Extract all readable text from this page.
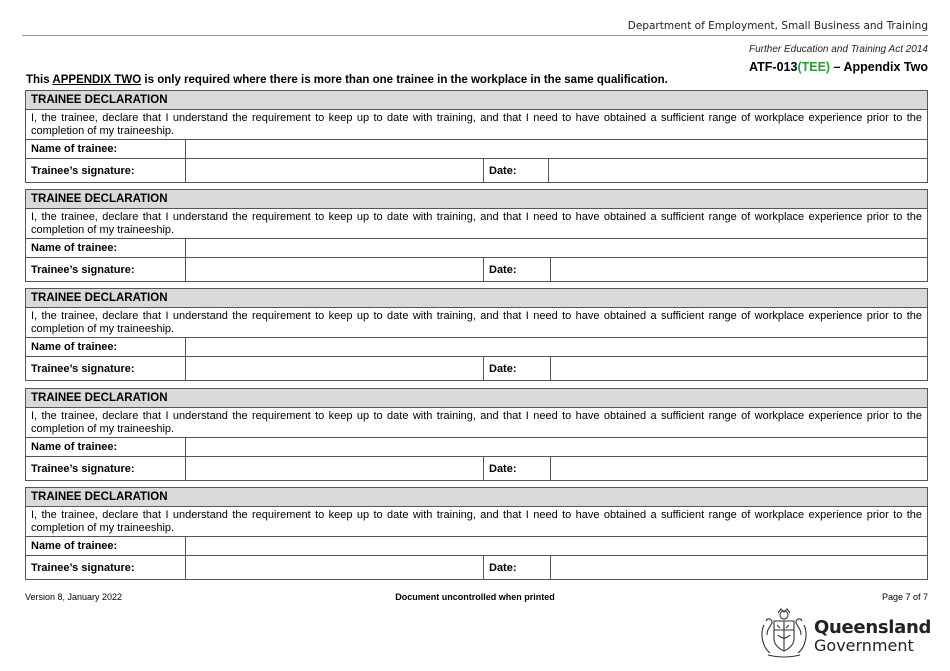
Department of Employment, Small Business and Training
Further Education and Training Act 2014
ATF-013(TEE) – Appendix Two
This APPENDIX TWO is only required where there is more than one trainee in the workplace in the same qualification.
TRAINEE DECLARATION			
I, the trainee, declare that I understand the requirement to keep up to date with training, and that I need to have obtained a sufficient range of workplace experience prior to the completion of my traineeship.			
Name of trainee:			
Trainee’s signature:		Date:	
TRAINEE DECLARATION			
I, the trainee, declare that I understand the requirement to keep up to date with training, and that I need to have obtained a sufficient range of workplace experience prior to the completion of my traineeship.			
Name of trainee:			
Trainee’s signature:		Date:	
TRAINEE DECLARATION			
I, the trainee, declare that I understand the requirement to keep up to date with training, and that I need to have obtained a sufficient range of workplace experience prior to the completion of my traineeship.			
Name of trainee:			
Trainee’s signature:		Date:	
TRAINEE DECLARATION			
I, the trainee, declare that I understand the requirement to keep up to date with training, and that I need to have obtained a sufficient range of workplace experience prior to the completion of my traineeship.			
Name of trainee:			
Trainee’s signature:		Date:	
TRAINEE DECLARATION			
I, the trainee, declare that I understand the requirement to keep up to date with training, and that I need to have obtained a sufficient range of workplace experience prior to the completion of my traineeship.			
Name of trainee:			
Trainee’s signature:		Date:	
Version 8, January 2022	Document uncontrolled when printed	Page 7 of 7
Queensland
Government
